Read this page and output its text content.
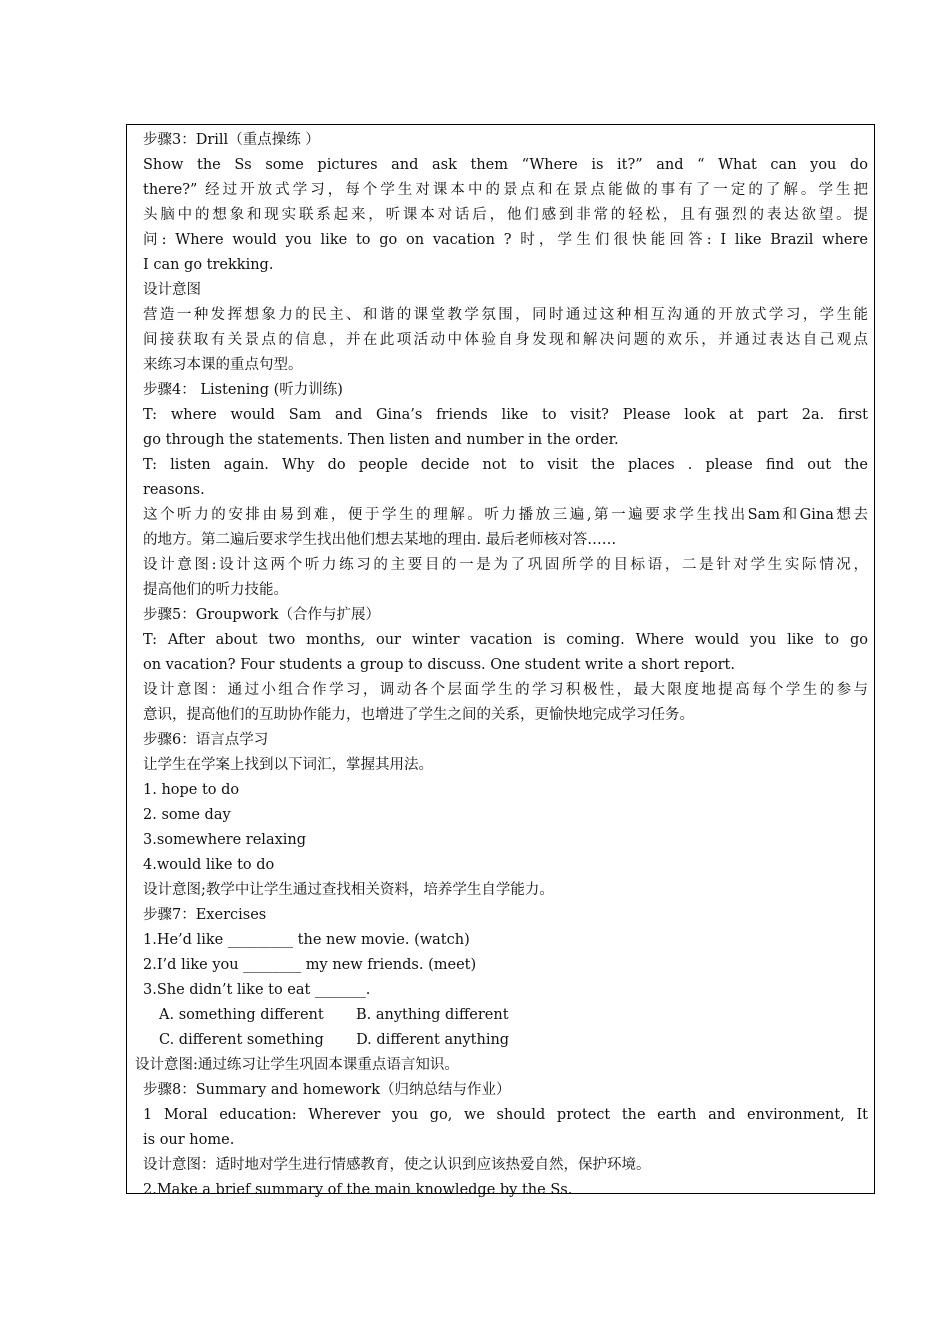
步骤3：Drill（重点操练 ）
Show the Ss some pictures and ask them “Where is it?” and “ What can you do
there?” 经过开放式学习，每个学生对课本中的景点和在景点能做的事有了一定的了解。学生把
头脑中的想象和现实联系起来，听课本对话后，他们感到非常的轻松，且有强烈的表达欲望。提
问: Where would you like to go on vacation ? 时，学生们很快能回答: I like Brazil where
I can go trekking.
设计意图
营造一种发挥想象力的民主、和谐的课堂教学氛围，同时通过这种相互沟通的开放式学习，学生能
间接获取有关景点的信息，并在此项活动中体验自身发现和解决问题的欢乐，并通过表达自己观点
来练习本课的重点句型。
步骤4： Listening (听力训练)
T: where would Sam and Gina’s friends like to visit? Please look at part 2a. first
go through the statements. Then listen and number in the order.
T: listen again. Why do people decide not to visit the places . please find out the
reasons.
这个听力的安排由易到难，便于学生的理解。听力播放三遍,第一遍要求学生找出Sam和Gina想去
的地方。第二遍后要求学生找出他们想去某地的理由. 最后老师核对答……
设计意图:设计这两个听力练习的主要目的一是为了巩固所学的目标语，二是针对学生实际情况，
提高他们的听力技能。
步骤5：Groupwork（合作与扩展）
T: After about two months, our winter vacation is coming. Where would you like to go
on vacation? Four students a group to discuss. One student write a short report.
设计意图：通过小组合作学习，调动各个层面学生的学习积极性，最大限度地提高每个学生的参与
意识，提高他们的互助协作能力，也增进了学生之间的关系，更愉快地完成学习任务。
步骤6：语言点学习
让学生在学案上找到以下词汇，掌握其用法。
1. hope to do
2. some day
3.somewhere relaxing
4.would like to do
设计意图;教学中让学生通过查找相关资料，培养学生自学能力。
步骤7：Exercises
1.He’d like _________ the new movie. (watch)
2.I’d like you ________ my new friends. (meet)
3.She didn’t like to eat _______.
A. something different       B. anything different
C. different something       D. different anything
设计意图:通过练习让学生巩固本课重点语言知识。
步骤8：Summary and homework（归纳总结与作业）
1 Moral education: Wherever you go, we should protect the earth and environment, It
is our home.
设计意图：适时地对学生进行情感教育，使之认识到应该热爱自然，保护环境。
2.Make a brief summary of the main knowledge by the Ss.
